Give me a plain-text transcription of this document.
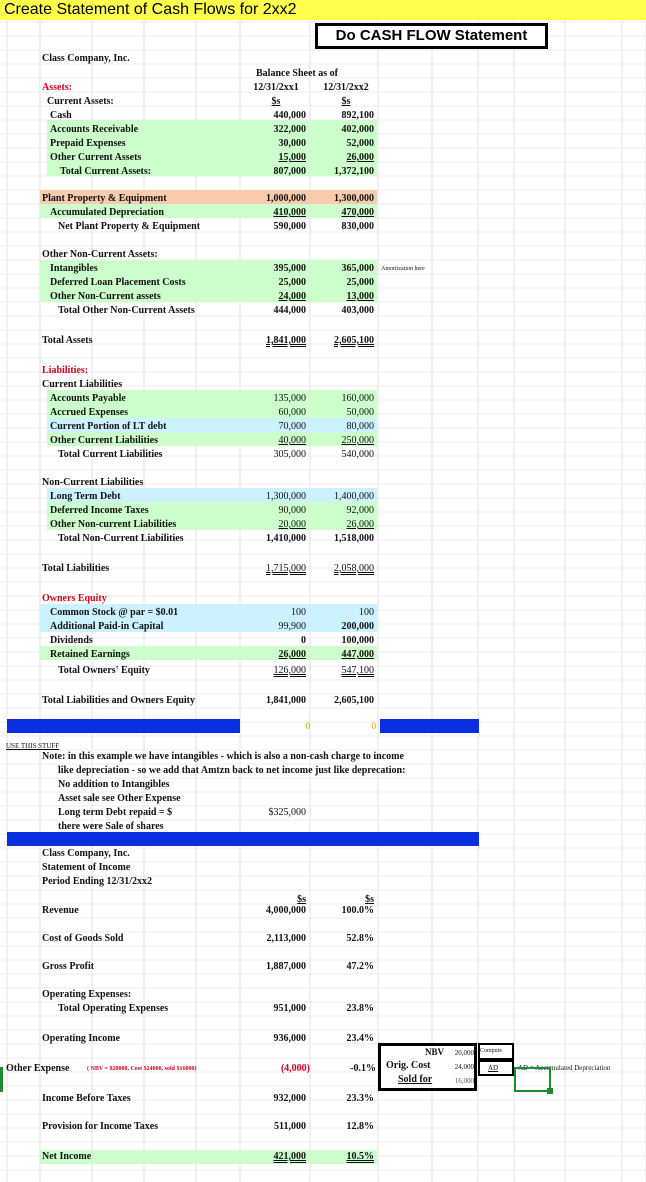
Create Statement of Cash Flows for 2xx2
Do CASH FLOW Statement
0	0
Class Company, Inc.
Balance Sheet as of
12/31/2xx1	12/31/2xx2
$s	$s
Assets:
Current Assets:
Cash	440,000	892,100
Accounts Receivable	322,000	402,000
Prepaid Expenses	30,000	52,000
Other Current Assets	15,000	26,000
Total Current Assets:	807,000	1,372,100
Plant Property & Equipment	1,000,000	1,300,000
Accumulated Depreciation	410,000	470,000
Net Plant Property & Equipment	590,000	830,000
Other Non-Current Assets:
Intangibles	395,000	365,000 Amortization here
Deferred Loan Placement Costs	25,000	25,000
Other Non-Current assets	24,000	13,000
Total Other Non-Current Assets	444,000	403,000
Total Assets	1,841,000	2,605,100
Liabilities:
Current Liabilities
Accounts Payable	135,000	160,000
Accrued Expenses	60,000	50,000
Current Portion of LT debt	70,000	80,000
Other Current Liabilities	40,000	250,000
Total Current Liabilities	305,000	540,000
Non-Current Liabilities
Long Term Debt	1,300,000	1,400,000
Deferred Income Taxes	90,000	92,000
Other Non-current Liabilities	20,000	26,000
Total Non-Current Liabilities	1,410,000	1,518,000
Total Liabilities	1,715,000	2,058,000
Owners Equity
Common Stock @ par = $0.01	100	100
Additional Paid-in Capital	99,900	200,000
Dividends	0	100,000
Retained Earnings	26,000	447,000
Total Owners' Equity	126,000	547,100
Total Liabilities and Owners Equity	1,841,000	2,605,100
USE THIS STUFF
Note: in this example we have intangibles - which is also a non-cash charge to income
like depreciation - so we add that Amtzn back to net income just like deprecation:
No addition to Intangibles
Asset sale see Other Expense
Long term Debt repaid = $	$325,000
there were Sale of shares
Class Company, Inc.
Statement of Income
Period Ending 12/31/2xx2
$s	$s
Revenue	4,000,000	100.0%
Cost of Goods Sold	2,113,000	52.8%
Gross Profit	1,887,000	47.2%
Operating Expenses:
Total Operating Expenses	951,000	23.8%
Operating Income	936,000	23.4%
Other Expense	( NBV = $20000, Cost $24000, sold $16000)	(4,000)	-0.1%
Income Before Taxes	932,000	23.3%
Provision for Income Taxes	511,000	12.8%
Net Income	421,000	10.5%
NBV	20,000
Orig. Cost	24,000
Sold for	16,000
Compute
AD	AD = Accumulated Depreciation
